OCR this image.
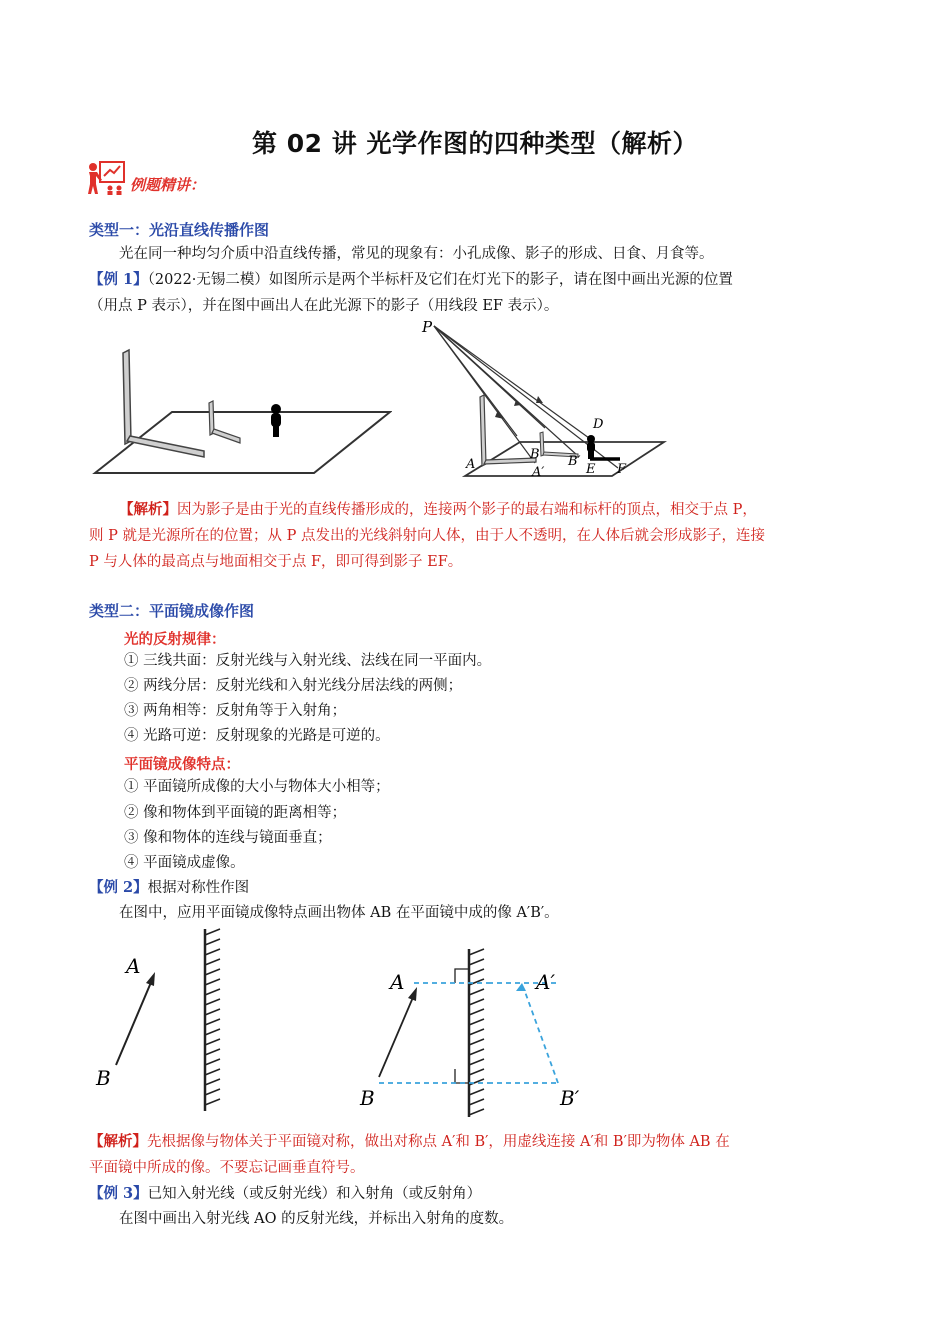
第 02 讲 光学作图的四种类型（解析）
例题精讲：
类型一：光沿直线传播作图
光在同一种均匀介质中沿直线传播，常见的现象有：小孔成像、影子的形成、日食、月食等。
【例 1】（2022·无锡二模）如图所示是两个半标杆及它们在灯光下的影子，请在图中画出光源的位置
（用点 P 表示），并在图中画出人在此光源下的影子（用线段 EF 表示）。
P
A
A′
B B′
D
E F
【解析】因为影子是由于光的直线传播形成的，连接两个影子的最右端和标杆的顶点，相交于点 P，
则 P 就是光源所在的位置；从 P 点发出的光线斜射向人体，由于人不透明，在人体后就会形成影子，连接
P 与人体的最高点与地面相交于点 F，即可得到影子 EF。
类型二：平面镜成像作图
光的反射规律：
① 三线共面：反射光线与入射光线、法线在同一平面内。
② 两线分居：反射光线和入射光线分居法线的两侧；
③ 两角相等：反射角等于入射角；
④ 光路可逆：反射现象的光路是可逆的。
平面镜成像特点：
① 平面镜所成像的大小与物体大小相等；
② 像和物体到平面镜的距离相等；
③ 像和物体的连线与镜面垂直；
④ 平面镜成虚像。
【例 2】根据对称性作图
在图中，应用平面镜成像特点画出物体 AB 在平面镜中成的像 A′B′。
A
B
A
B
A′
B′
【解析】先根据像与物体关于平面镜对称，做出对称点 A′和 B′，用虚线连接 A′和 B′即为物体 AB 在
平面镜中所成的像。不要忘记画垂直符号。
【例 3】已知入射光线（或反射光线）和入射角（或反射角）
在图中画出入射光线 AO 的反射光线，并标出入射角的度数。
